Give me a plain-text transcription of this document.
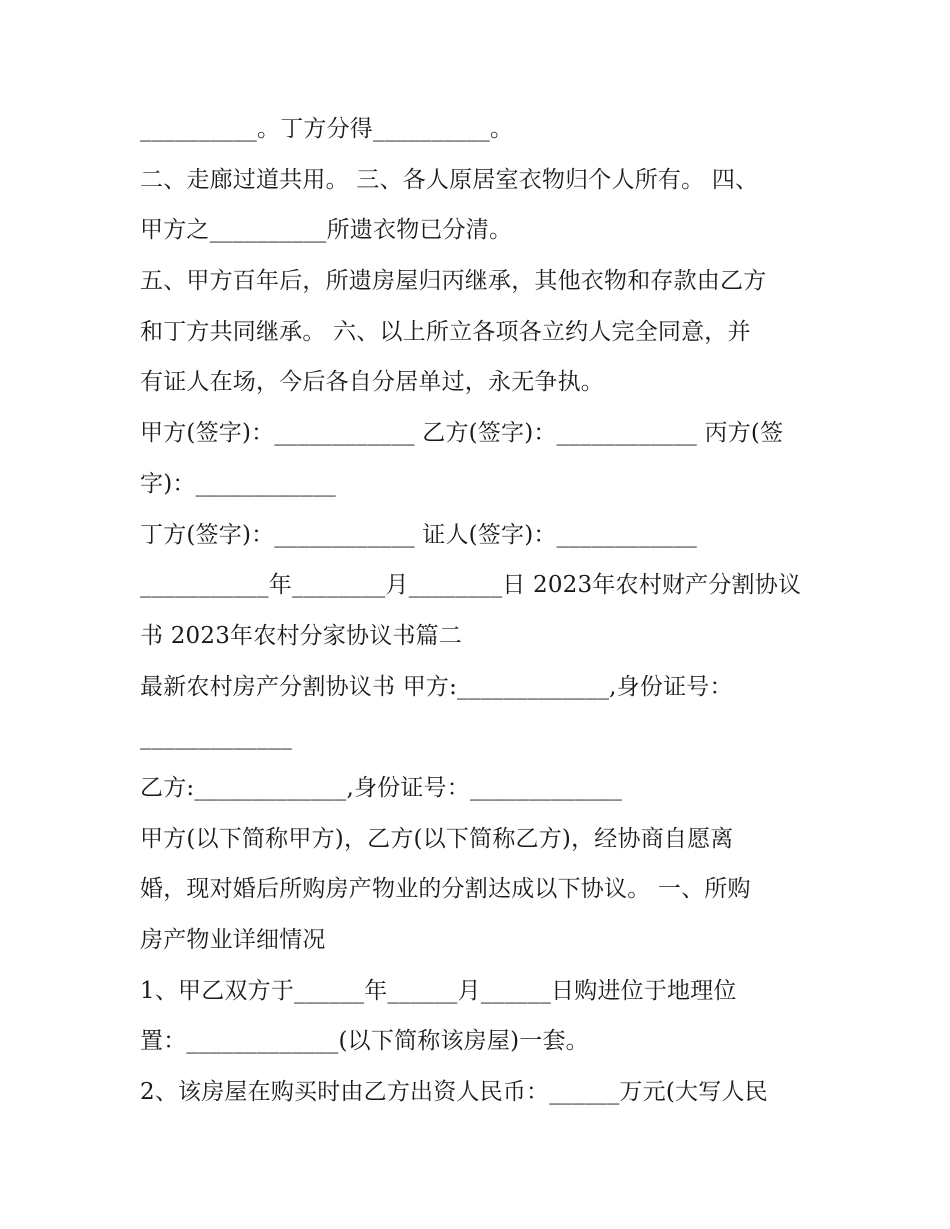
__________。丁方分得__________。
二、走廊过道共用。 三、各人原居室衣物归个人所有。 四、
甲方之__________所遗衣物已分清。
五、甲方百年后，所遗房屋归丙继承，其他衣物和存款由乙方
和丁方共同继承。 六、以上所立各项各立约人完全同意，并
有证人在场，今后各自分居单过，永无争执。
甲方(签字)：____________ 乙方(签字)：____________ 丙方(签
字)：____________
丁方(签字)：____________ 证人(签字)：____________
___________年________月________日 2023年农村财产分割协议
书 2023年农村分家协议书篇二
最新农村房产分割协议书 甲方:_____________,身份证号：
_____________
乙方:_____________,身份证号：_____________
甲方(以下简称甲方)，乙方(以下简称乙方)，经协商自愿离
婚，现对婚后所购房产物业的分割达成以下协议。 一、所购
房产物业详细情况
1、甲乙双方于______年______月______日购进位于地理位
置：_____________(以下简称该房屋)一套。
2、该房屋在购买时由乙方出资人民币：______万元(大写人民
